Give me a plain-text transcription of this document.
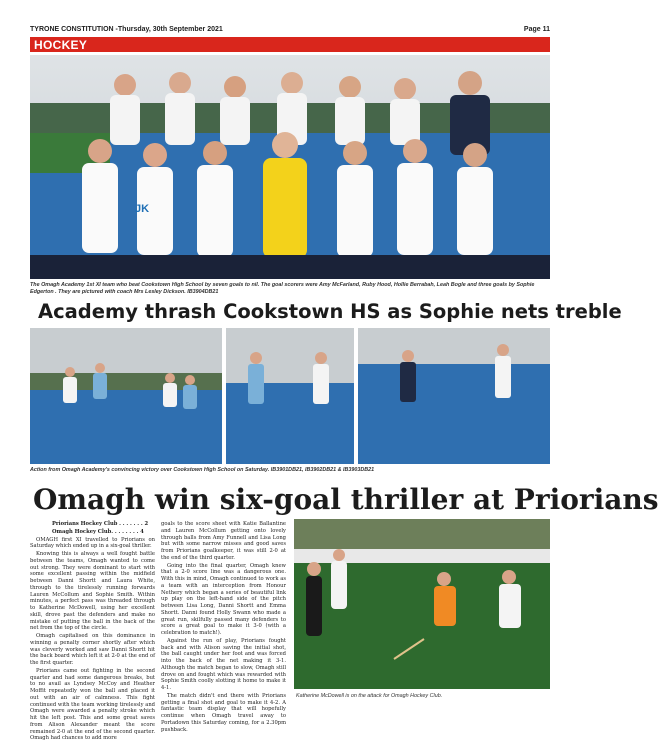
TYRONE CONSTITUTION -Thursday, 30th September 2021	Page 11
HOCKEY
JK
The Omagh Academy 1st XI team who beat Cookstown High School by seven goals to nil. The goal scorers were Amy McFarland, Ruby Hood, Hollie Berrabah, Leah Bogle and three goals by Sophie Edgerton . They are pictured with coach Mrs Lesley Dickson. IB3904DB21
Academy thrash Cookstown HS as Sophie nets treble
Action from Omagh Academy's convincing victory over Cookstown High School on Saturday. IB3901DB21, IB3902DB21 & IB3903DB21
Omagh win six-goal thriller at Priorians

Priorians Hockey Club . . . . . . . 2

Omagh Hockey Club. . . . . . . . 4

OMAGH first XI travelled to Priorians on Saturday which ended up in a six-goal thriller.

Knowing this is always a well fought battle between the teams, Omagh wanted to come out strong. They were dominant to start with some excellent passing within the midfield between Danni Shortt and Laura White, through to the tirelessly running forwards Lauren McCollum and Sophie Smith. Within minutes, a perfect pass was threaded through to Katherine McDowell, using her excellent skill, drove past the defenders and make no mistake of putting the ball in the back of the net from the top of the circle.

Omagh capitalised on this dominance in winning a penalty corner shortly after which was cleverly worked and saw Danni Shortt hit the back board which left it at 2-0 at the end of the first quarter.

Priorians came out fighting in the second quarter and had some dangerous breaks, but to no avail as Lyndsey McCoy and Heather Moffit repeatedly won the ball and placed it out with an air of calmness. This fight continued with the team working tirelessly and Omagh were awarded a penalty stroke which hit the left post. This and some great saves from Alison Alexander meant the score remained 2-0 at the end of the second quarter. Omagh had chances to add more

goals to the score sheet with Katie Ballantine and Lauren McCollum getting onto lovely through balls from Amy Funnell and Lisa Long but with some narrow misses and good saves from Priorians goalkeeper, it was still 2-0 at the end of the third quarter.

Going into the final quarter, Omagh knew that a 2-0 score line was a dangerous one. With this in mind, Omagh continued to work as a team with an interception from Honour Nethery which began a series of beautiful link up play on the left-hand side of the pitch between Lisa Long, Danni Shortt and Emma Shortt. Danni found Holly Swann who made a great run, skilfully passed many defenders to score a great goal to make it 3-0 (with a celebration to match!).

Against the run of play, Priorians fought back and with Alison saving the initial shot, the ball caught under her foot and was forced into the back of the net making it 3-1. Although the match began to slow, Omagh still drove on and fought which was rewarded with Sophie Smith coolly slotting it home to make it 4-1.

The match didn't end there with Priorians getting a final shot and goal to make it 4-2. A fantastic team display that will hopefully continue when Omagh travel away to Portadown this Saturday coming, for a 2.30pm pushback.

Katherine McDowell is on the attack for Omagh Hockey Club.
